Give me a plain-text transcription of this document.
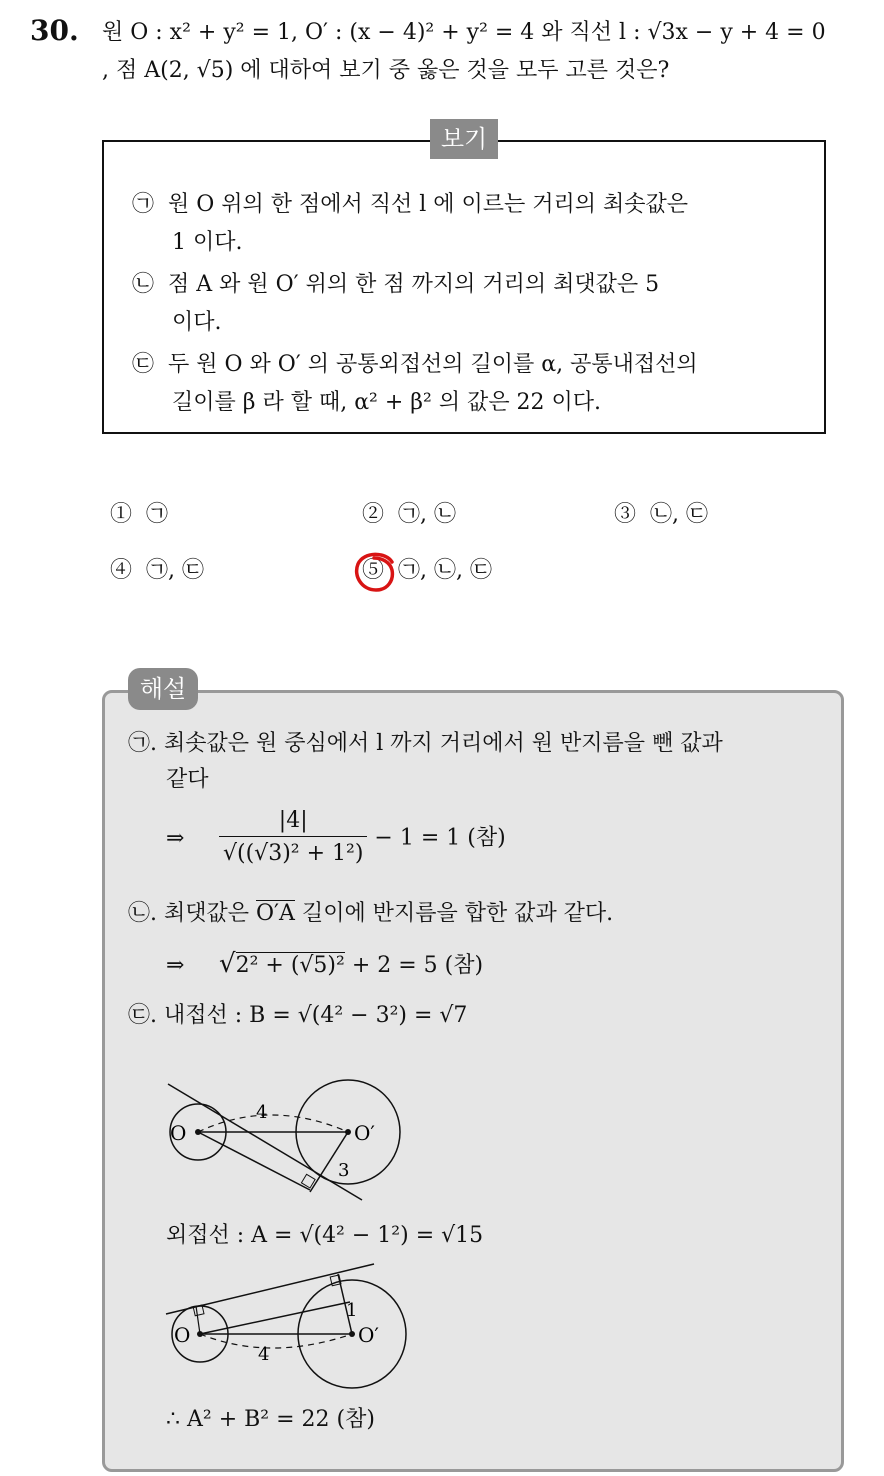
30. 원 O : x² + y² = 1, O′ : (x − 4)² + y² = 4 와 직선 l : √3x − y + 4 = 0
, 점 A(2, √5) 에 대하여 보기 중 옳은 것을 모두 고른 것은?
보기
㉠ 원 O 위의 한 점에서 직선 l 에 이르는 거리의 최솟값은
1 이다.
㉡ 점 A 와 원 O′ 위의 한 점 까지의 거리의 최댓값은 5
이다.
㉢ 두 원 O 와 O′ 의 공통외접선의 길이를 α, 공통내접선의
길이를 β 라 할 때, α² + β² 의 값은 22 이다.
① ㉠	② ㉠, ㉡	③ ㉡, ㉢
④ ㉠, ㉢	⑤ ㉠, ㉡, ㉢
해설
㉠. 최솟값은 원 중심에서 l 까지 거리에서 원 반지름을 뺀 값과
같다
⇒ $\frac{|4|}{\text{√((√3)² + 1²)}} - 1 = 1$ (참)
㉡. 최댓값은 O′A 길이에 반지름을 합한 값과 같다.
⇒ √2² + (√5)² + 2 = 5 (참)
㉢. 내접선 : B = √(4² − 3²) = √7
O	O′
4
3
외접선 : A = √(4² − 1²) = √15
O	O′
4
1
∴ A² + B² = 22 (참)
